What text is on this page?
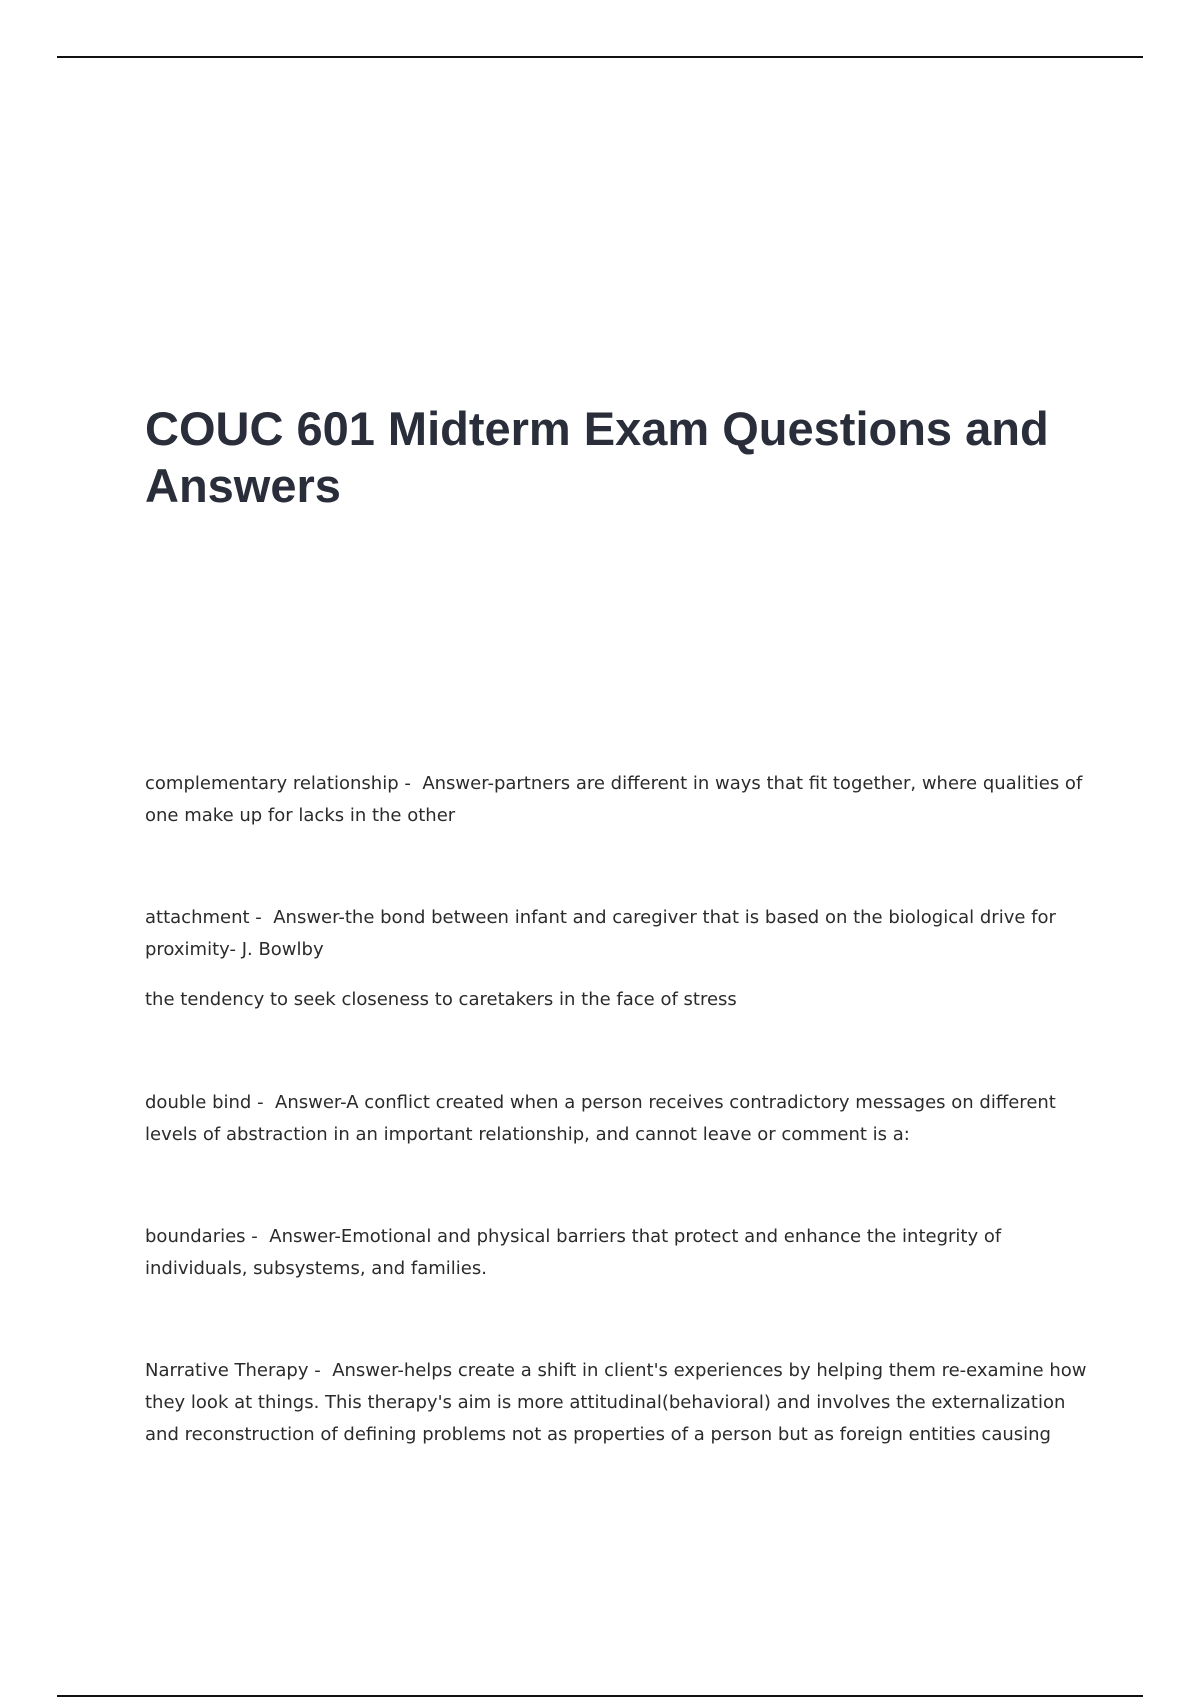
COUC 601 Midterm Exam Questions and Answers

complementary relationship -  Answer-partners are different in ways that fit together, where qualities of one make up for lacks in the other

attachment -  Answer-the bond between infant and caregiver that is based on the biological drive for proximity- J. Bowlby

the tendency to seek closeness to caretakers in the face of stress

double bind -  Answer-A conflict created when a person receives contradictory messages on different levels of abstraction in an important relationship, and cannot leave or comment is a:

boundaries -  Answer-Emotional and physical barriers that protect and enhance the integrity of individuals, subsystems, and families.

Narrative Therapy -  Answer-helps create a shift in client's experiences by helping them re-examine how they look at things. This therapy's aim is more attitudinal(behavioral) and involves the externalization and reconstruction of defining problems not as properties of a person but as foreign entities causing
